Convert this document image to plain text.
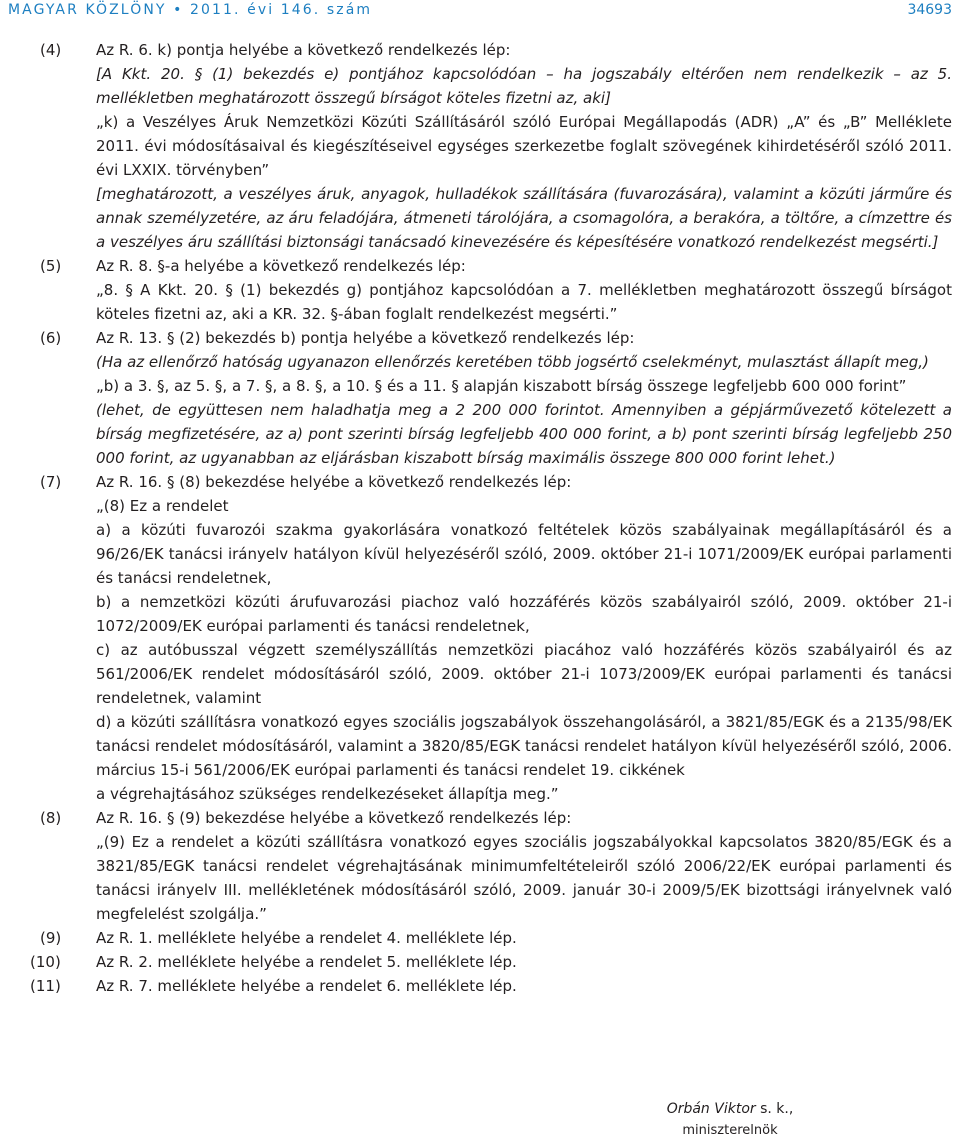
MAGYAR KÖZLÖNY • 2011. évi 146. szám	34693
(4)	Az R. 6. k) pontja helyébe a következő rendelkezés lép:

[A Kkt. 20. § (1) bekezdés e) pontjához kapcsolódóan – ha jogszabály eltérően nem rendelkezik – az 5. mellékletben meghatározott összegű bírságot köteles fizetni az, aki]

„k) a Veszélyes Áruk Nemzetközi Közúti Szállításáról szóló Európai Megállapodás (ADR) „A” és „B” Melléklete 2011. évi módosításaival és kiegészítéseivel egységes szerkezetbe foglalt szövegének kihirdetéséről szóló 2011. évi LXXIX. törvényben”

[meghatározott, a veszélyes áruk, anyagok, hulladékok szállítására (fuvarozására), valamint a közúti járműre és annak személyzetére, az áru feladójára, átmeneti tárolójára, a csomagolóra, a berakóra, a töltőre, a címzettre és a veszélyes áru szállítási biztonsági tanácsadó kinevezésére és képesítésére vonatkozó rendelkezést megsérti.]

(5)	Az R. 8. §-a helyébe a következő rendelkezés lép:

„8. § A Kkt. 20. § (1) bekezdés g) pontjához kapcsolódóan a 7. mellékletben meghatározott összegű bírságot köteles fizetni az, aki a KR. 32. §-ában foglalt rendelkezést megsérti.”

(6)	Az R. 13. § (2) bekezdés b) pontja helyébe a következő rendelkezés lép:

(Ha az ellenőrző hatóság ugyanazon ellenőrzés keretében több jogsértő cselekményt, mulasztást állapít meg,)

„b) a 3. §, az 5. §, a 7. §, a 8. §, a 10. § és a 11. § alapján kiszabott bírság összege legfeljebb 600 000 forint”

(lehet, de együttesen nem haladhatja meg a 2 200 000 forintot. Amennyiben a gépjárművezető kötelezett a bírság megfizetésére, az a) pont szerinti bírság legfeljebb 400 000 forint, a b) pont szerinti bírság legfeljebb 250 000 forint, az ugyanabban az eljárásban kiszabott bírság maximális összege 800 000 forint lehet.)

(7)	Az R. 16. § (8) bekezdése helyébe a következő rendelkezés lép:

„(8) Ez a rendelet

a) a közúti fuvarozói szakma gyakorlására vonatkozó feltételek közös szabályainak megállapításáról és a 96/26/EK tanácsi irányelv hatályon kívül helyezéséről szóló, 2009. október 21-i 1071/2009/EK európai parlamenti és tanácsi rendeletnek,

b) a nemzetközi közúti árufuvarozási piachoz való hozzáférés közös szabályairól szóló, 2009. október 21-i 1072/2009/EK európai parlamenti és tanácsi rendeletnek,

c) az autóbusszal végzett személyszállítás nemzetközi piacához való hozzáférés közös szabályairól és az 561/2006/EK rendelet módosításáról szóló, 2009. október 21-i 1073/2009/EK európai parlamenti és tanácsi rendeletnek, valamint

d) a közúti szállításra vonatkozó egyes szociális jogszabályok összehangolásáról, a 3821/85/EGK és a 2135/98/EK tanácsi rendelet módosításáról, valamint a 3820/85/EGK tanácsi rendelet hatályon kívül helyezéséről szóló, 2006. március 15-i 561/2006/EK európai parlamenti és tanácsi rendelet 19. cikkének

a végrehajtásához szükséges rendelkezéseket állapítja meg.”

(8)	Az R. 16. § (9) bekezdése helyébe a következő rendelkezés lép:

„(9) Ez a rendelet a közúti szállításra vonatkozó egyes szociális jogszabályokkal kapcsolatos 3820/85/EGK és a 3821/85/EGK tanácsi rendelet végrehajtásának minimumfeltételeiről szóló 2006/22/EK európai parlamenti és tanácsi irányelv III. mellékletének módosításáról szóló, 2009. január 30-i 2009/5/EK bizottsági irányelvnek való megfelelést szolgálja.”

(9)	Az R. 1. melléklete helyébe a rendelet 4. melléklete lép.

(10)	Az R. 2. melléklete helyébe a rendelet 5. melléklete lép.

(11)	Az R. 7. melléklete helyébe a rendelet 6. melléklete lép.

Orbán Viktor s. k.,
miniszterelnök
